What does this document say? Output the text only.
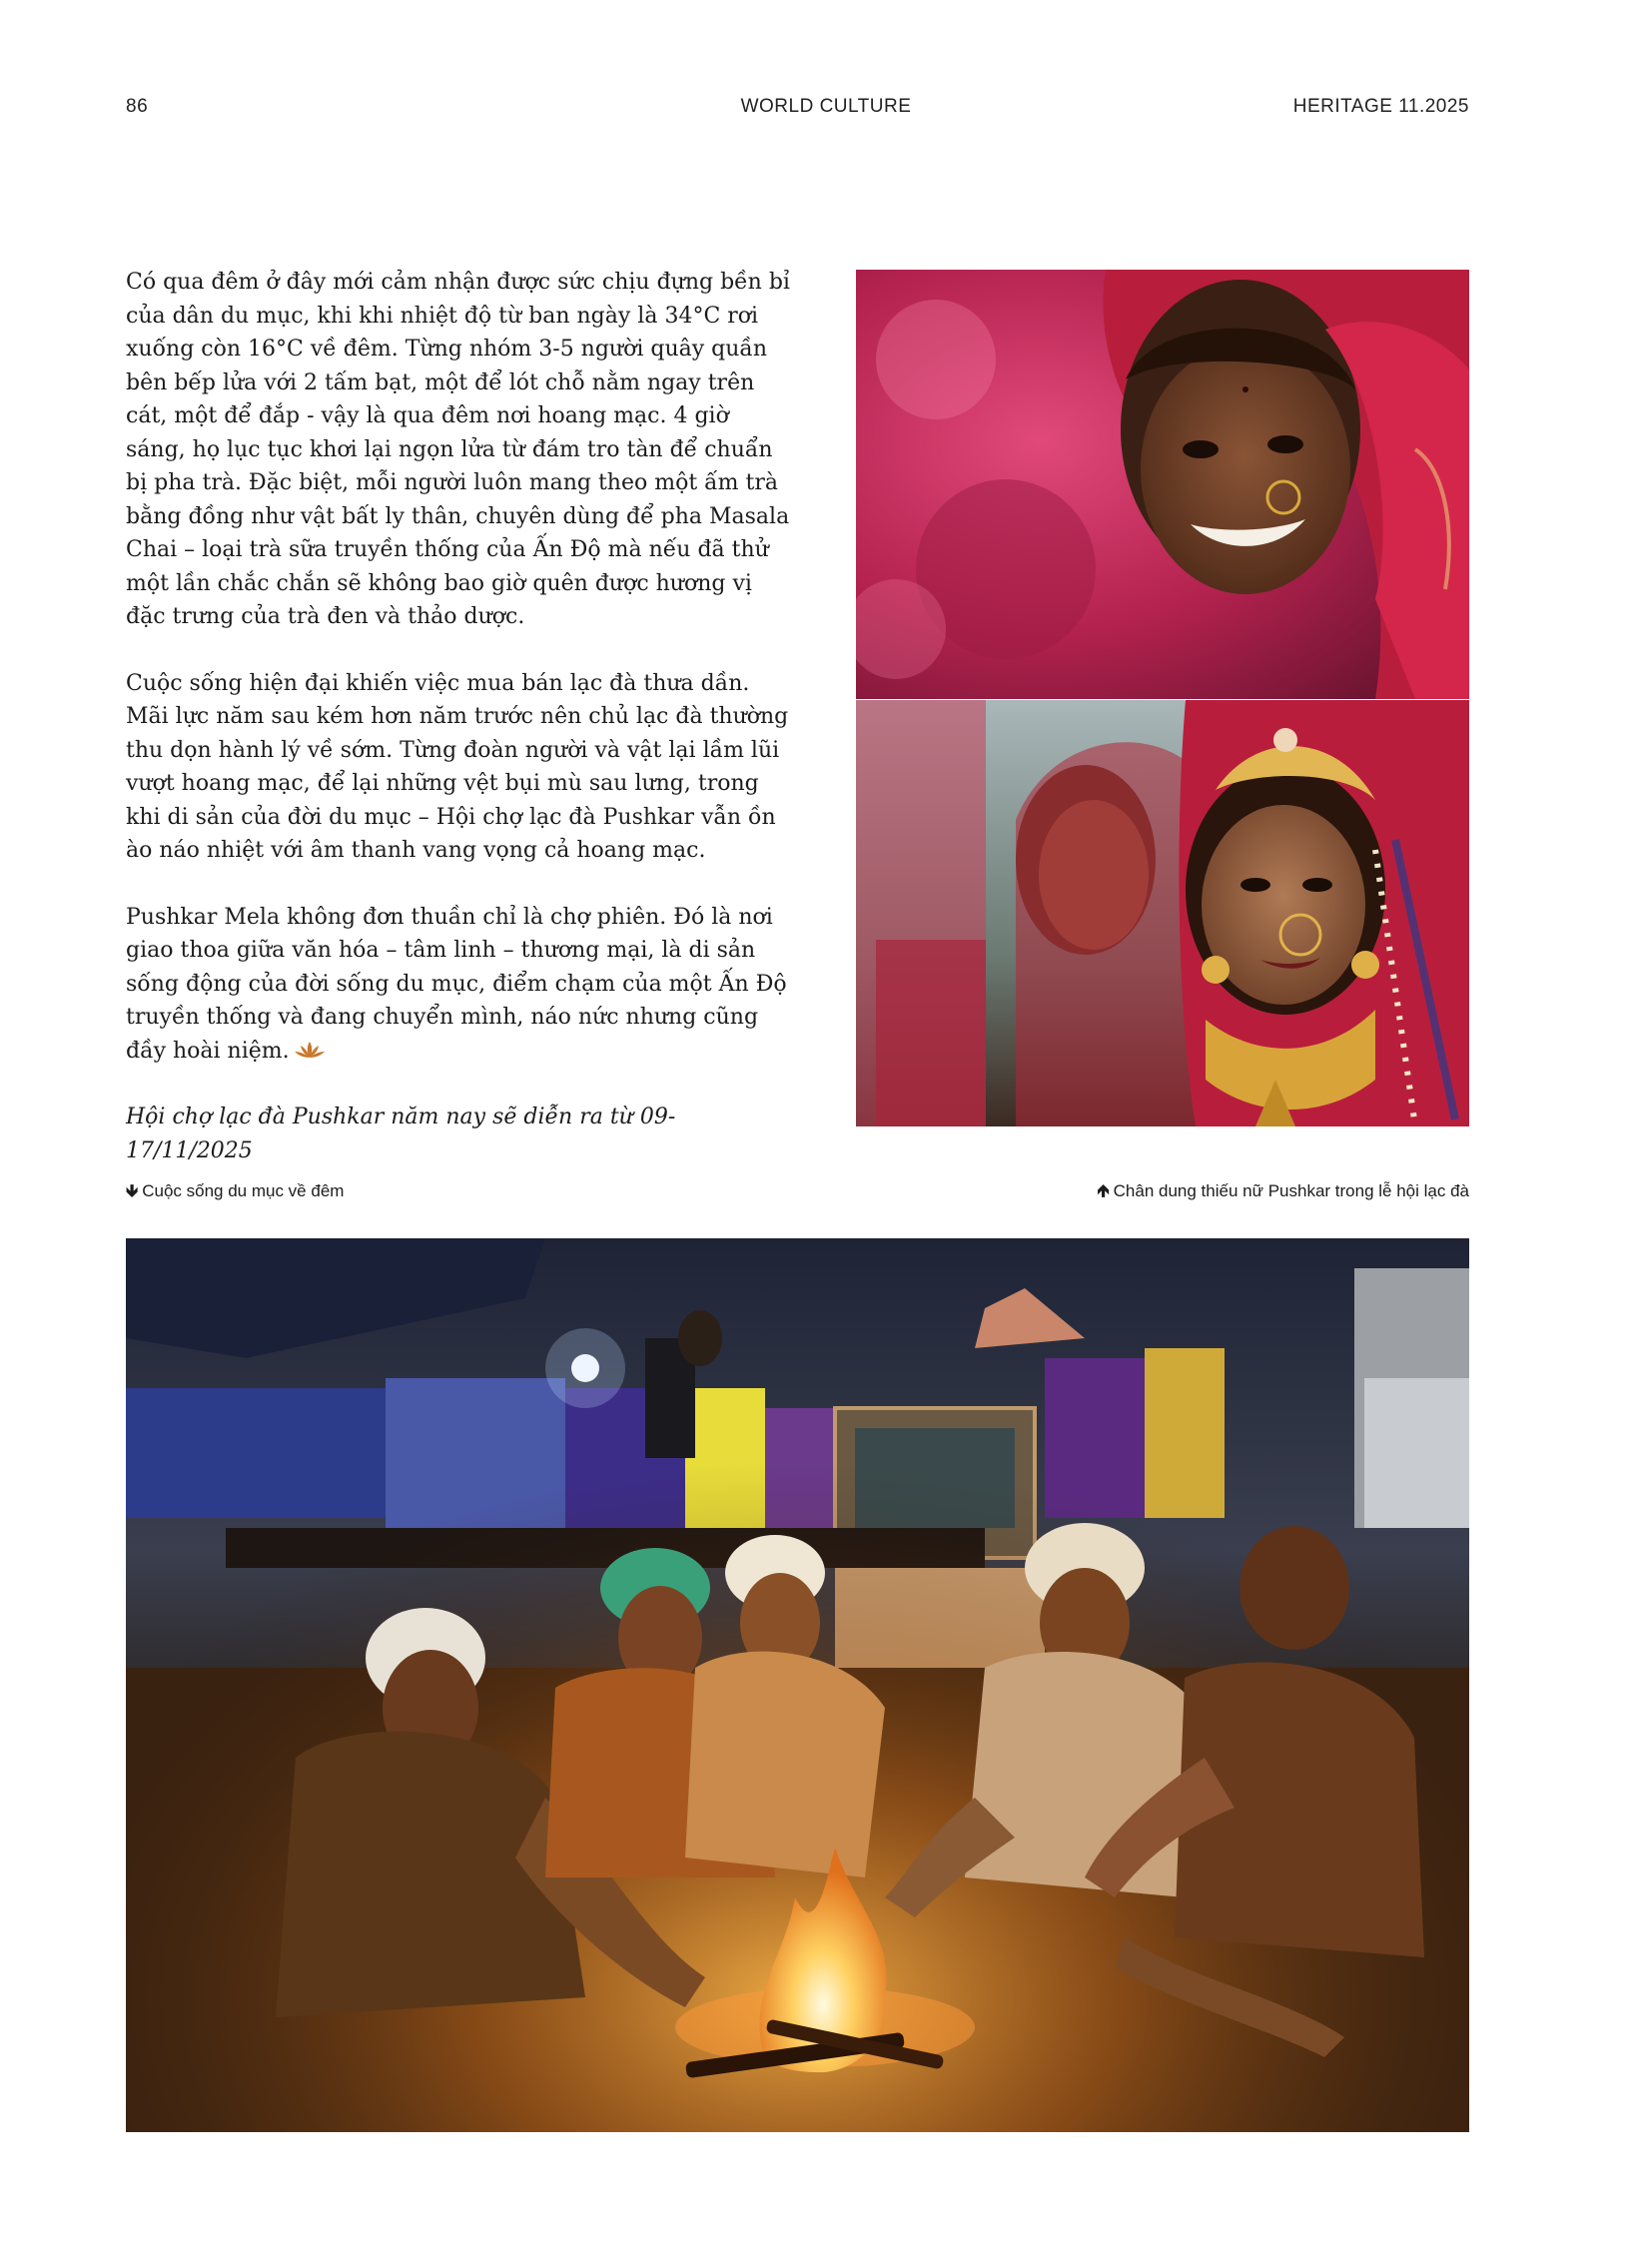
86	WORLD CULTURE	HERITAGE 11.2025

Có qua đêm ở đây mới cảm nhận được sức chịu đựng bền bỉ của dân du mục, khi khi nhiệt độ từ ban ngày là 34°C rơi xuống còn 16°C về đêm. Từng nhóm 3-5 người quây quần bên bếp lửa với 2 tấm bạt, một để lót chỗ nằm ngay trên cát, một để đắp - vậy là qua đêm nơi hoang mạc. 4 giờ sáng, họ lục tục khơi lại ngọn lửa từ đám tro tàn để chuẩn bị pha trà. Đặc biệt, mỗi người luôn mang theo một ấm trà bằng đồng như vật bất ly thân, chuyên dùng để pha Masala Chai – loại trà sữa truyền thống của Ấn Độ mà nếu đã thử một lần chắc chắn sẽ không bao giờ quên được hương vị đặc trưng của trà đen và thảo dược.

Cuộc sống hiện đại khiến việc mua bán lạc đà thưa dần. Mãi lực năm sau kém hơn năm trước nên chủ lạc đà thường thu dọn hành lý về sớm. Từng đoàn người và vật lại lầm lũi vượt hoang mạc, để lại những vệt bụi mù sau lưng, trong khi di sản của đời du mục – Hội chợ lạc đà Pushkar vẫn ồn ào náo nhiệt với âm thanh vang vọng cả hoang mạc.

Pushkar Mela không đơn thuần chỉ là chợ phiên. Đó là nơi giao thoa giữa văn hóa – tâm linh – thương mại, là di sản sống động của đời sống du mục, điểm chạm của một Ấn Độ truyền thống và đang chuyển mình, náo nức nhưng cũng đầy hoài niệm.

Hội chợ lạc đà Pushkar năm nay sẽ diễn ra từ 09-17/11/2025

🡻 Cuộc sống du mục về đêm	🡹 Chân dung thiếu nữ Pushkar trong lễ hội lạc đà
